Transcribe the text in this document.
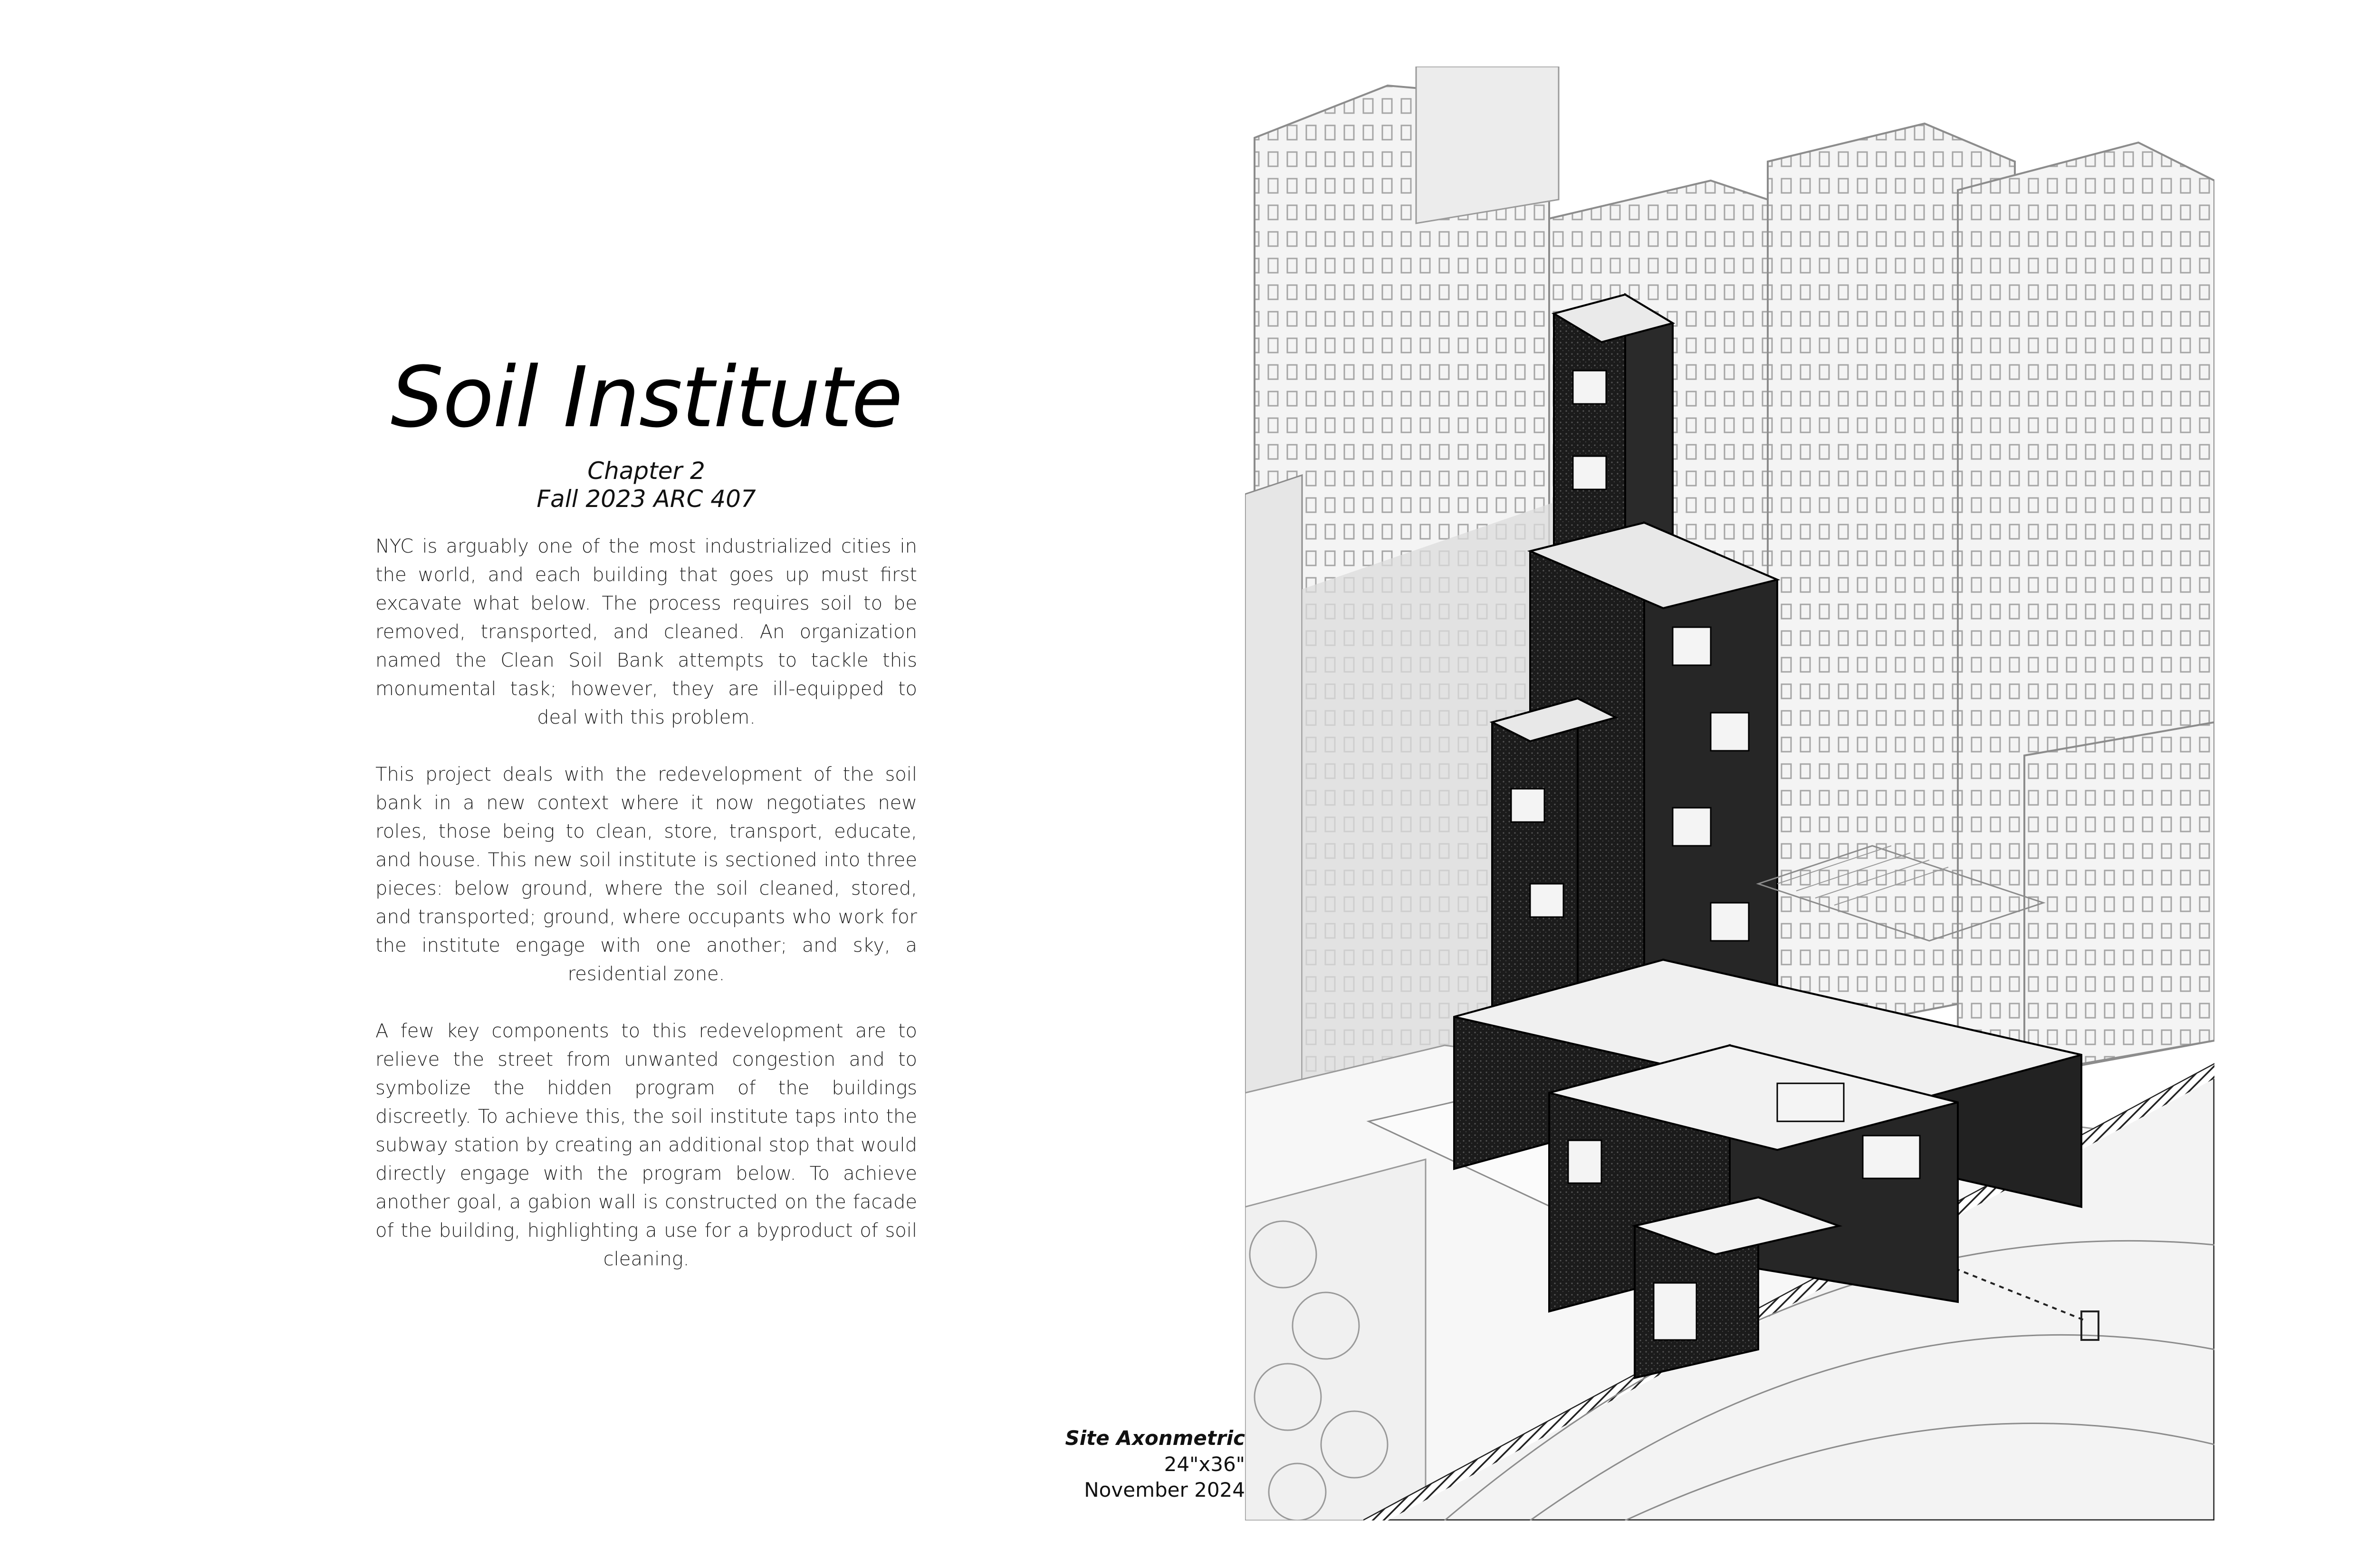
Soil Institute
Chapter 2
Fall 2023 ARC 407

NYC is arguably one of the most industrialized cities in the world, and each building that goes up must first excavate what below. The process requires soil to be removed, transported, and cleaned. An organization named the Clean Soil Bank attempts to tackle this monumental task; however, they are ill-equipped to deal with this problem.

This project deals with the redevelopment of the soil bank in a new context where it now negotiates new roles, those being to clean, store, transport, educate, and house. This new soil institute is sectioned into three pieces: below ground, where the soil cleaned, stored, and transported; ground, where occupants who work for the institute engage with one another; and sky, a residential zone.

A few key components to this redevelopment are to relieve the street from unwanted congestion and to symbolize the hidden program of the buildings discreetly. To achieve this, the soil institute taps into the subway station by creating an additional stop that would directly engage with the program below. To achieve another goal, a gabion wall is constructed on the facade of the building, highlighting a use for a byproduct of soil cleaning.

Site Axonmetric
24"x36"
November 2024
